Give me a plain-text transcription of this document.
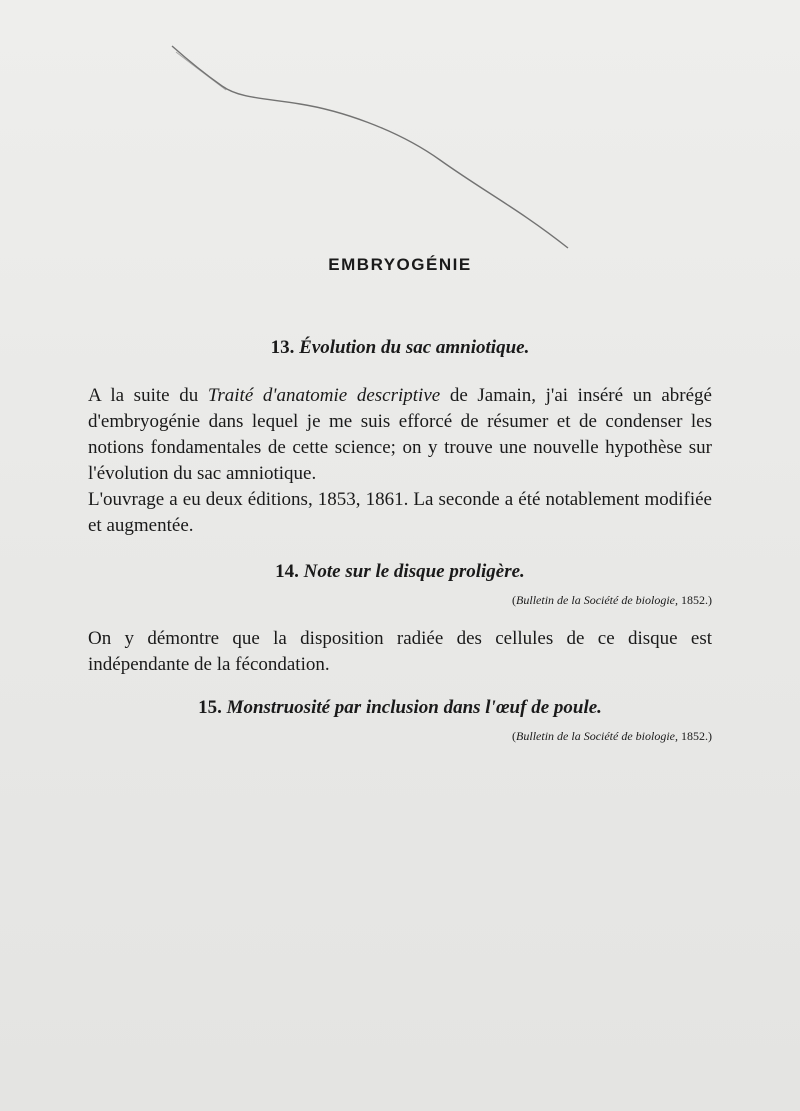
EMBRYOGÉNIE
13. Évolution du sac amniotique.

A la suite du Traité d'anatomie descriptive de Jamain, j'ai inséré un abrégé d'embryogénie dans lequel je me suis efforcé de résumer et de condenser les notions fondamentales de cette science; on y trouve une nouvelle hypothèse sur l'évolution du sac amniotique.

L'ouvrage a eu deux éditions, 1853, 1861. La seconde a été notablement modifiée et augmentée.

14. Note sur le disque proligère.

(Bulletin de la Société de biologie, 1852.)

On y démontre que la disposition radiée des cellules de ce disque est indépendante de la fécondation.

15. Monstruosité par inclusion dans l'œuf de poule.

(Bulletin de la Société de biologie, 1852.)
